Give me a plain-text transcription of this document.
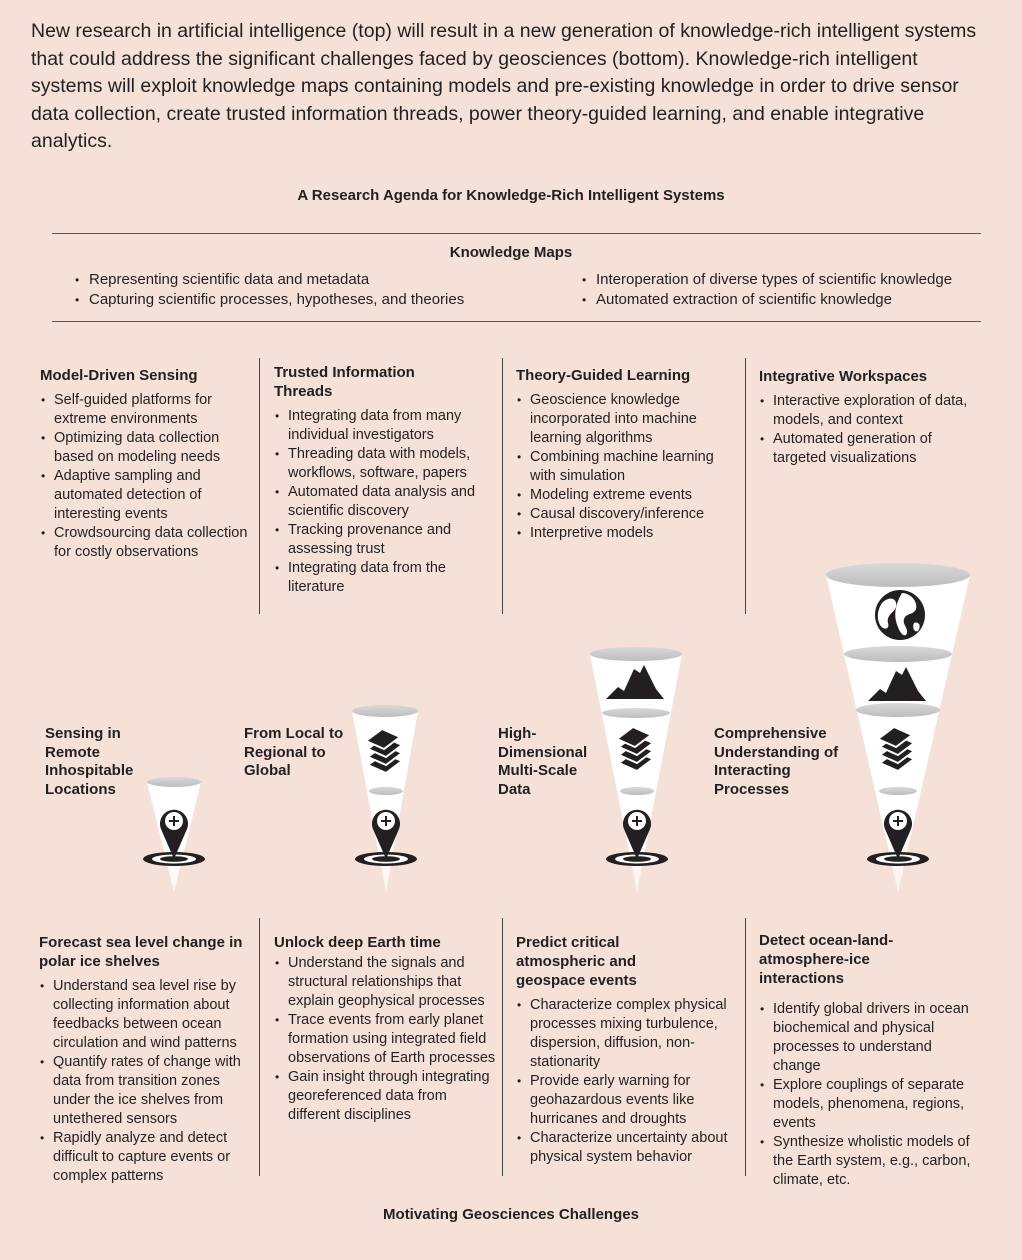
New research in artificial intelligence (top) will result in a new generation of knowledge-rich intelligent systems that could address the significant challenges faced by geosciences (bottom). Knowledge-rich intelligent systems will exploit knowledge maps containing models and pre-existing knowledge in order to drive sensor data collection, create trusted information threads, power theory-guided learning, and enable integrative analytics.

A Research Agenda for Knowledge-Rich Intelligent Systems
Knowledge Maps
• Representing scientific data and metadata
• Capturing scientific processes, hypotheses, and theories
• Interoperation of diverse types of scientific knowledge
• Automated extraction of scientific knowledge
Model-Driven Sensing
• Self-guided platforms for extreme environments
• Optimizing data collection based on modeling needs
• Adaptive sampling and automated detection of interesting events
• Crowdsourcing data collection for costly observations
Trusted Information Threads
• Integrating data from many individual investigators
• Threading data with models, workflows, software, papers
• Automated data analysis and scientific discovery
• Tracking provenance and assessing trust
• Integrating data from the literature
Theory-Guided Learning
• Geoscience knowledge incorporated into machine learning algorithms
• Combining machine learning with simulation
• Modeling extreme events
• Causal discovery/inference
• Interpretive models
Integrative Workspaces
• Interactive exploration of data, models, and context
• Automated generation of targeted visualizations
Sensing in Remote Inhospitable Locations
From Local to Regional to Global
High-Dimensional Multi-Scale Data
Comprehensive Understanding of Interacting Processes
Forecast sea level change in polar ice shelves
• Understand sea level rise by collecting information about feedbacks between ocean circulation and wind patterns
• Quantify rates of change with data from transition zones under the ice shelves from untethered sensors
• Rapidly analyze and detect difficult to capture events or complex patterns
Unlock deep Earth time
• Understand the signals and structural relationships that explain geophysical processes
• Trace events from early planet formation using integrated field observations of Earth processes
• Gain insight through integrating georeferenced data from different disciplines
Predict critical atmospheric and geospace events
• Characterize complex physical processes mixing turbulence, dispersion, diffusion, non-stationarity
• Provide early warning for geohazardous events like hurricanes and droughts
• Characterize uncertainty about physical system behavior
Detect ocean-land-atmosphere-ice interactions
• Identify global drivers in ocean biochemical and physical processes to understand change
• Explore couplings of separate models, phenomena, regions, events
• Synthesize wholistic models of the Earth system, e.g., carbon, climate, etc.
Motivating Geosciences Challenges
